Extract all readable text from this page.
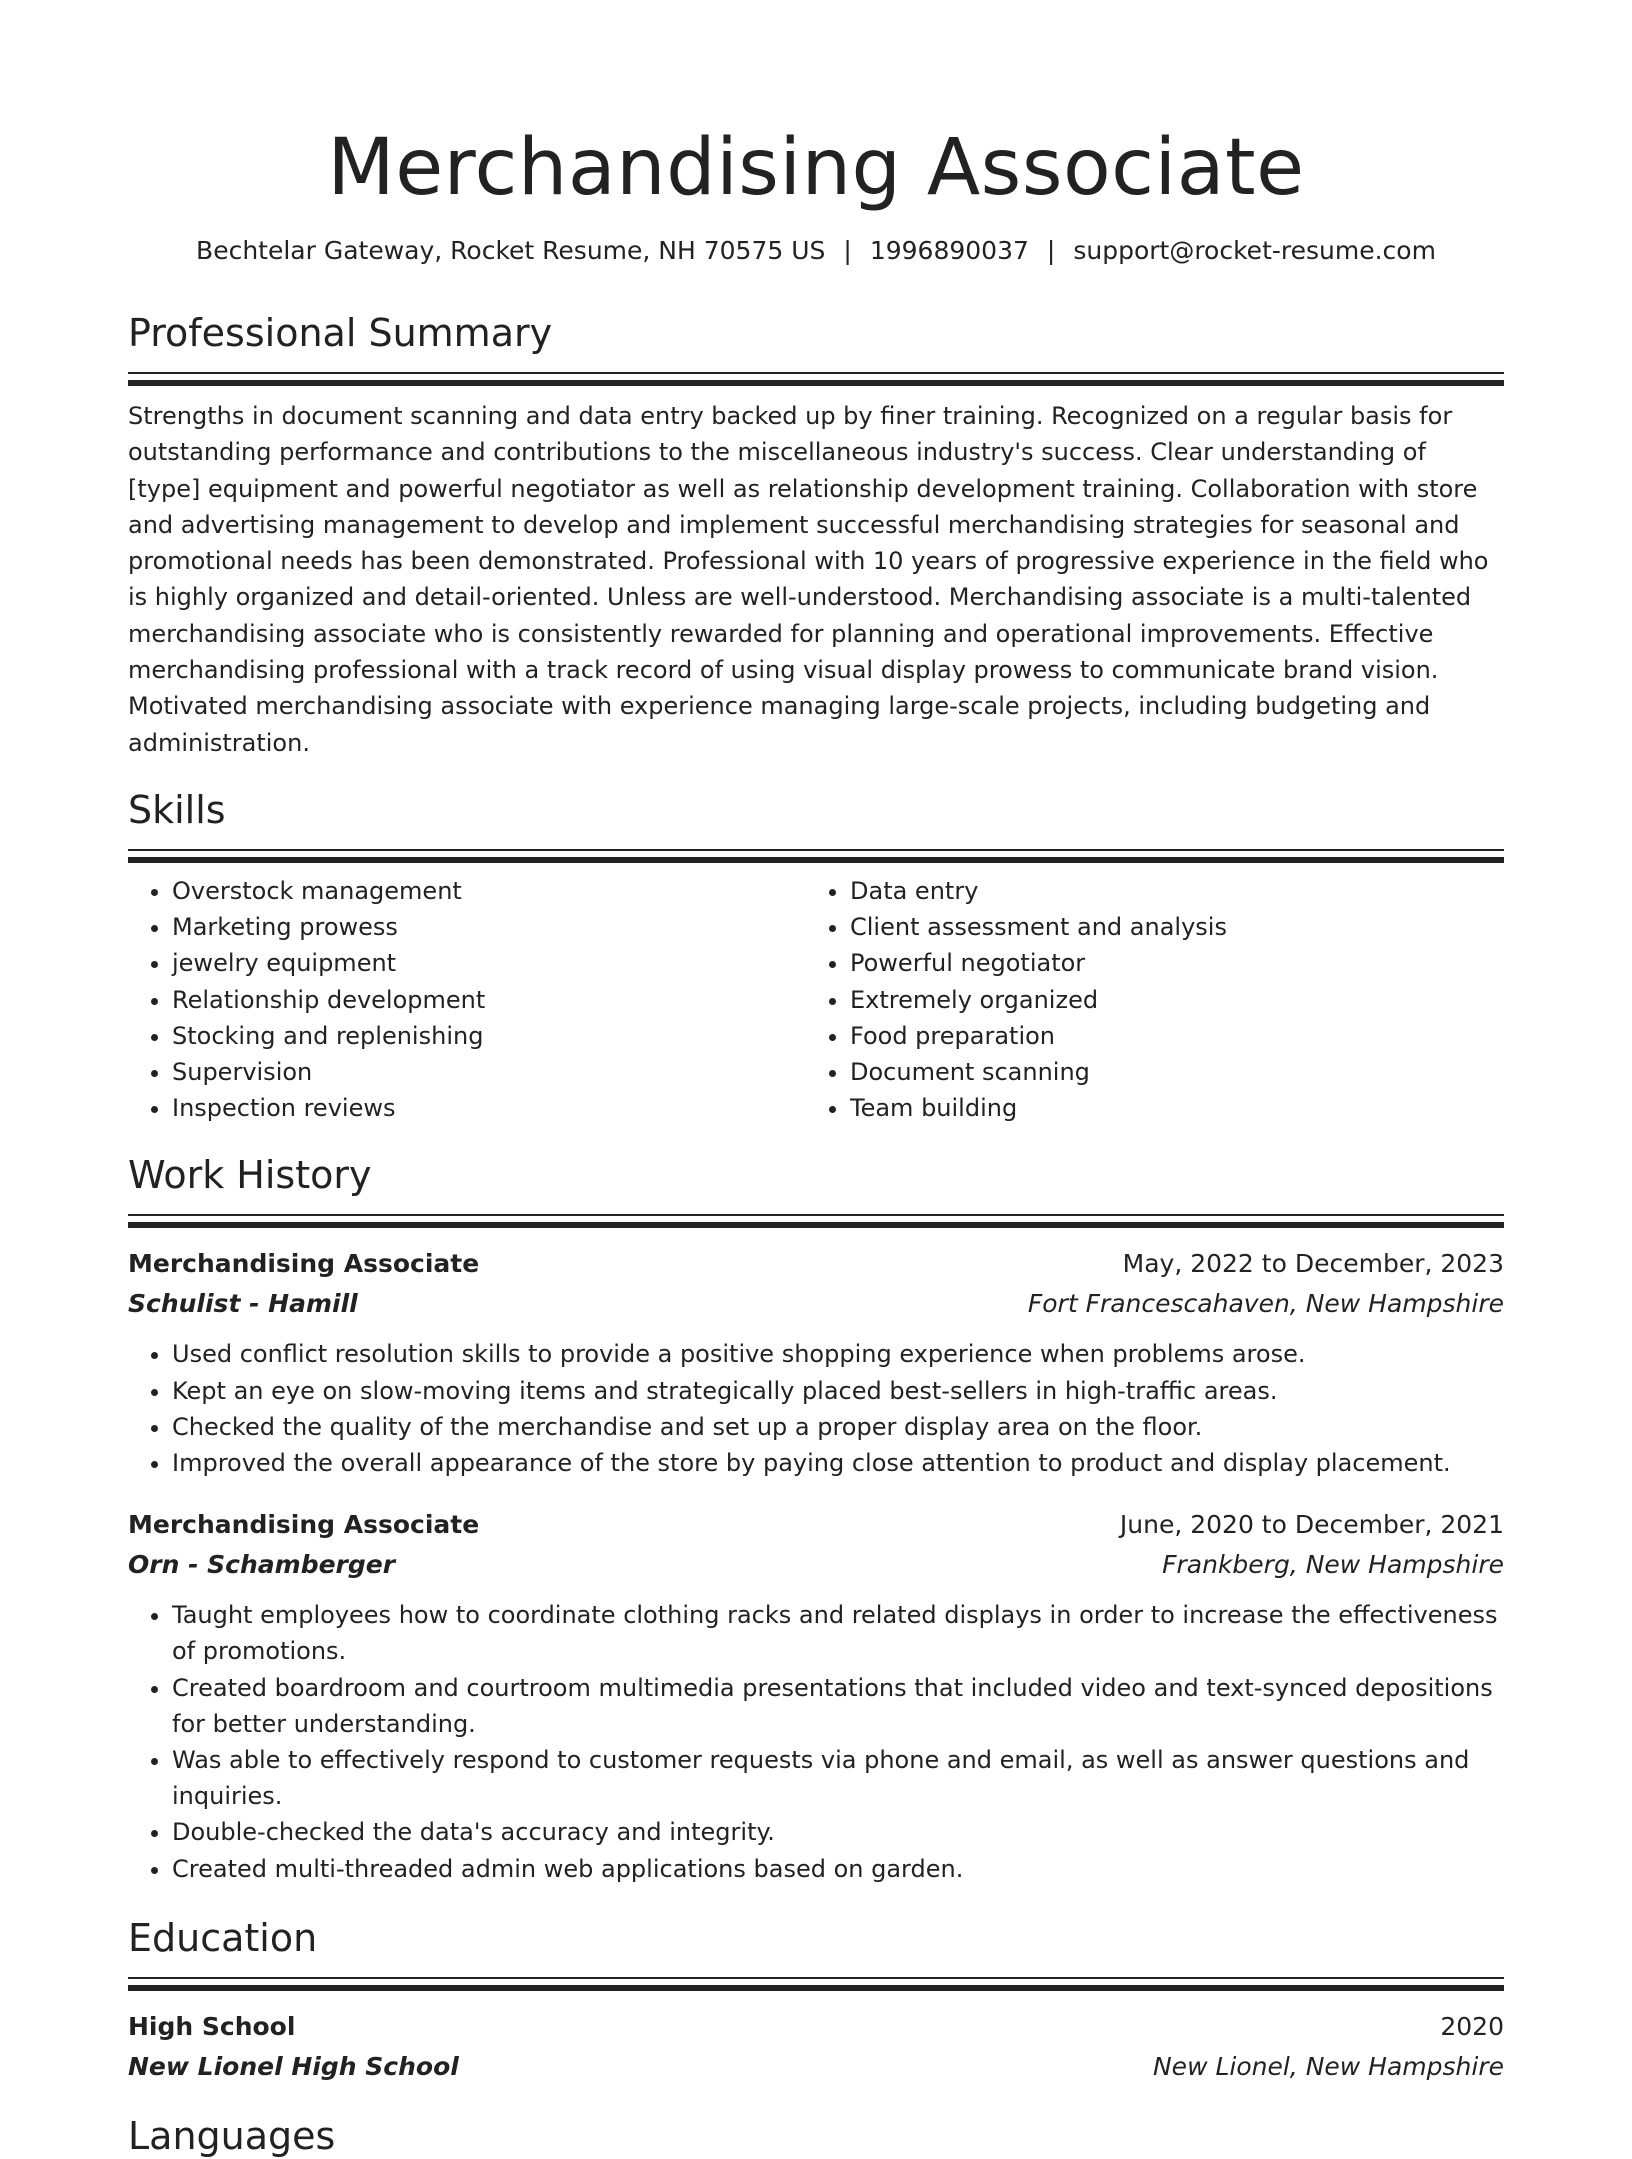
Merchandising Associate
Bechtelar Gateway, Rocket Resume, NH 70575 US | 1996890037 | support@rocket-resume.com
Professional Summary
Strengths in document scanning and data entry backed up by finer training. Recognized on a regular basis for outstanding performance and contributions to the miscellaneous industry's success. Clear understanding of [type] equipment and powerful negotiator as well as relationship development training. Collaboration with store and advertising management to develop and implement successful merchandising strategies for seasonal and promotional needs has been demonstrated. Professional with 10 years of progressive experience in the field who is highly organized and detail-oriented. Unless are well-understood. Merchandising associate is a multi-talented merchandising associate who is consistently rewarded for planning and operational improvements. Effective merchandising professional with a track record of using visual display prowess to communicate brand vision. Motivated merchandising associate with experience managing large-scale projects, including budgeting and administration.
Skills
• Overstock management
• Marketing prowess
• jewelry equipment
• Relationship development
• Stocking and replenishing
• Supervision
• Inspection reviews
• Data entry
• Client assessment and analysis
• Powerful negotiator
• Extremely organized
• Food preparation
• Document scanning
• Team building
Work History
Merchandising Associate	May, 2022 to December, 2023
Schulist - Hamill	Fort Francescahaven, New Hampshire
• Used conflict resolution skills to provide a positive shopping experience when problems arose.
• Kept an eye on slow-moving items and strategically placed best-sellers in high-traffic areas.
• Checked the quality of the merchandise and set up a proper display area on the floor.
• Improved the overall appearance of the store by paying close attention to product and display placement.
Merchandising Associate	June, 2020 to December, 2021
Orn - Schamberger	Frankberg, New Hampshire
• Taught employees how to coordinate clothing racks and related displays in order to increase the effectiveness of promotions.
• Created boardroom and courtroom multimedia presentations that included video and text-synced depositions for better understanding.
• Was able to effectively respond to customer requests via phone and email, as well as answer questions and inquiries.
• Double-checked the data's accuracy and integrity.
• Created multi-threaded admin web applications based on garden.
Education
High School	2020
New Lionel High School	New Lionel, New Hampshire
Languages
